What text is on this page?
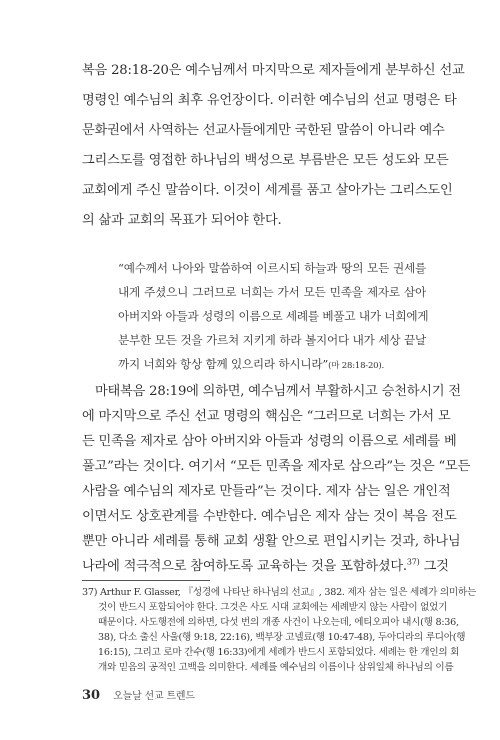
복음 28:18-20은 예수님께서 마지막으로 제자들에게 분부하신 선교
명령인 예수님의 최후 유언장이다. 이러한 예수님의 선교 명령은 타
문화권에서 사역하는 선교사들에게만 국한된 말씀이 아니라 예수
그리스도를 영접한 하나님의 백성으로 부름받은 모든 성도와 모든
교회에게 주신 말씀이다. 이것이 세계를 품고 살아가는 그리스도인
의 삶과 교회의 목표가 되어야 한다.
“예수께서 나아와 말씀하여 이르시되 하늘과 땅의 모든 권세를
내게 주셨으니 그러므로 너희는 가서 모든 민족을 제자로 삼아
아버지와 아들과 성령의 이름으로 세례를 베풀고 내가 너희에게
분부한 모든 것을 가르쳐 지키게 하라 볼지어다 내가 세상 끝날
까지 너희와 항상 함께 있으리라 하시니라”(마 28:18-20).
마태복음 28:19에 의하면, 예수님께서 부활하시고 승천하시기 전
에 마지막으로 주신 선교 명령의 핵심은 “그러므로 너희는 가서 모
든 민족을 제자로 삼아 아버지와 아들과 성령의 이름으로 세례를 베
풀고”라는 것이다. 여기서 “모든 민족을 제자로 삼으라”는 것은 “모든
사람을 예수님의 제자로 만들라”는 것이다. 제자 삼는 일은 개인적
이면서도 상호관계를 수반한다. 예수님은 제자 삼는 것이 복음 전도
뿐만 아니라 세례를 통해 교회 생활 안으로 편입시키는 것과, 하나님
나라에 적극적으로 참여하도록 교육하는 것을 포함하셨다.$^{37)}$ 그것
37) Arthur F. Glasser, 『성경에 나타난 하나님의 선교』, 382. 제자 삼는 일은 세례가 의미하는
것이 반드시 포함되어야 한다. 그것은 사도 시대 교회에는 세례받지 않는 사람이 없었기
때문이다. 사도행전에 의하면, 다섯 번의 개종 사건이 나오는데, 에티오피아 내시(행 8:36,
38), 다소 출신 사울(행 9:18, 22:16), 백부장 고넬료(행 10:47-48), 두아디라의 루디아(행
16:15), 그리고 로마 간수(행 16:33)에게 세례가 반드시 포함되었다. 세례는 한 개인의 회
개와 믿음의 공적인 고백을 의미한다. 세례를 예수님의 이름이나 삼위일체 하나님의 이름
30 오늘날 선교 트렌드
